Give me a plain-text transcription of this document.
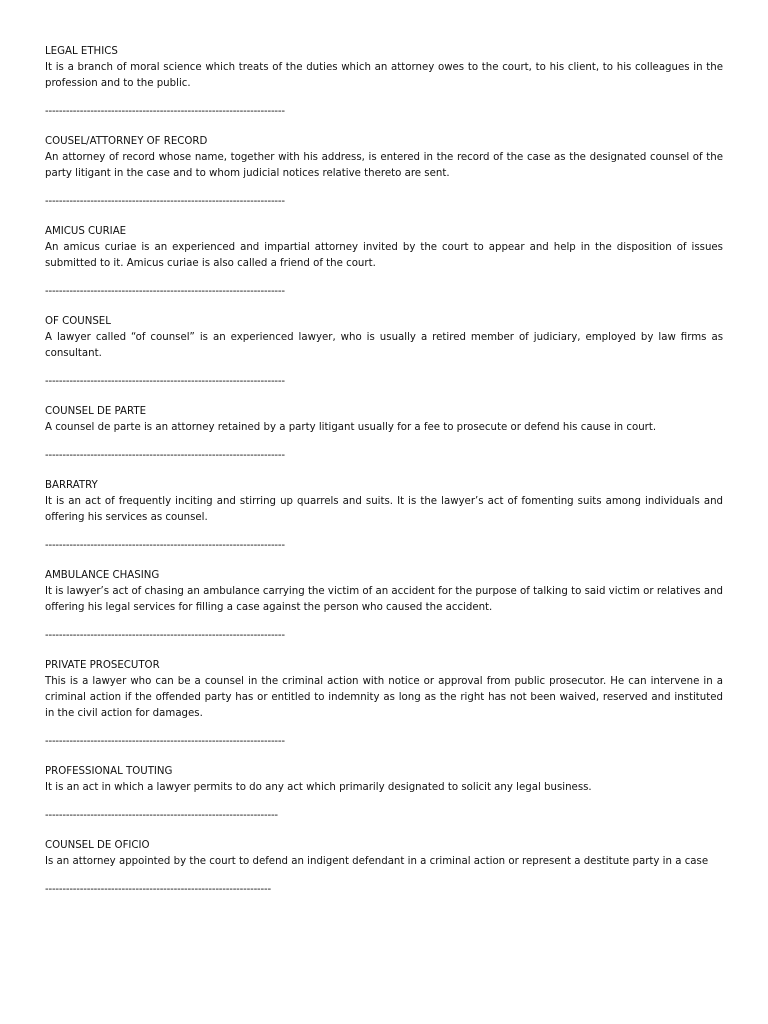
LEGAL ETHICS

It is a branch of moral science which treats of the duties which an attorney owes to the court, to his client, to his colleagues in the profession and to the public.

---------------------------------------------------------------------

COUSEL/ATTORNEY OF RECORD

An attorney of record whose name, together with his address, is entered in the record of the case as the designated counsel of the party litigant in the case and to whom judicial notices relative thereto are sent.

---------------------------------------------------------------------

AMICUS CURIAE

An amicus curiae is an experienced and impartial attorney invited by the court to appear and help in the disposition of issues submitted to it. Amicus curiae is also called a friend of the court.

---------------------------------------------------------------------

OF COUNSEL

A lawyer called “of counsel” is an experienced lawyer, who is usually a retired member of judiciary, employed by law firms as consultant.

---------------------------------------------------------------------

COUNSEL DE PARTE

A counsel de parte is an attorney retained by a party litigant usually for a fee to prosecute or defend his cause in court.

---------------------------------------------------------------------

BARRATRY

It is an act of frequently inciting and stirring up quarrels and suits. It is the lawyer’s act of fomenting suits among individuals and offering his services as counsel.

---------------------------------------------------------------------

AMBULANCE CHASING

It is lawyer’s act of chasing an ambulance carrying the victim of an accident for the purpose of talking to said victim or relatives and offering his legal services for filling a case against the person who caused the accident.

---------------------------------------------------------------------

PRIVATE PROSECUTOR

This is a lawyer who can be a counsel in the criminal action with notice or approval from public prosecutor. He can intervene in a criminal action if the offended party has or entitled to indemnity as long as the right has not been waived, reserved and instituted in the civil action for damages.

---------------------------------------------------------------------

PROFESSIONAL TOUTING

It is an act in which a lawyer permits to do any act which primarily designated to solicit any legal business.

-------------------------------------------------------------------

COUNSEL DE OFICIO

Is an attorney appointed by the court to defend an indigent defendant in a criminal action or represent a destitute party in a case

-----------------------------------------------------------------
